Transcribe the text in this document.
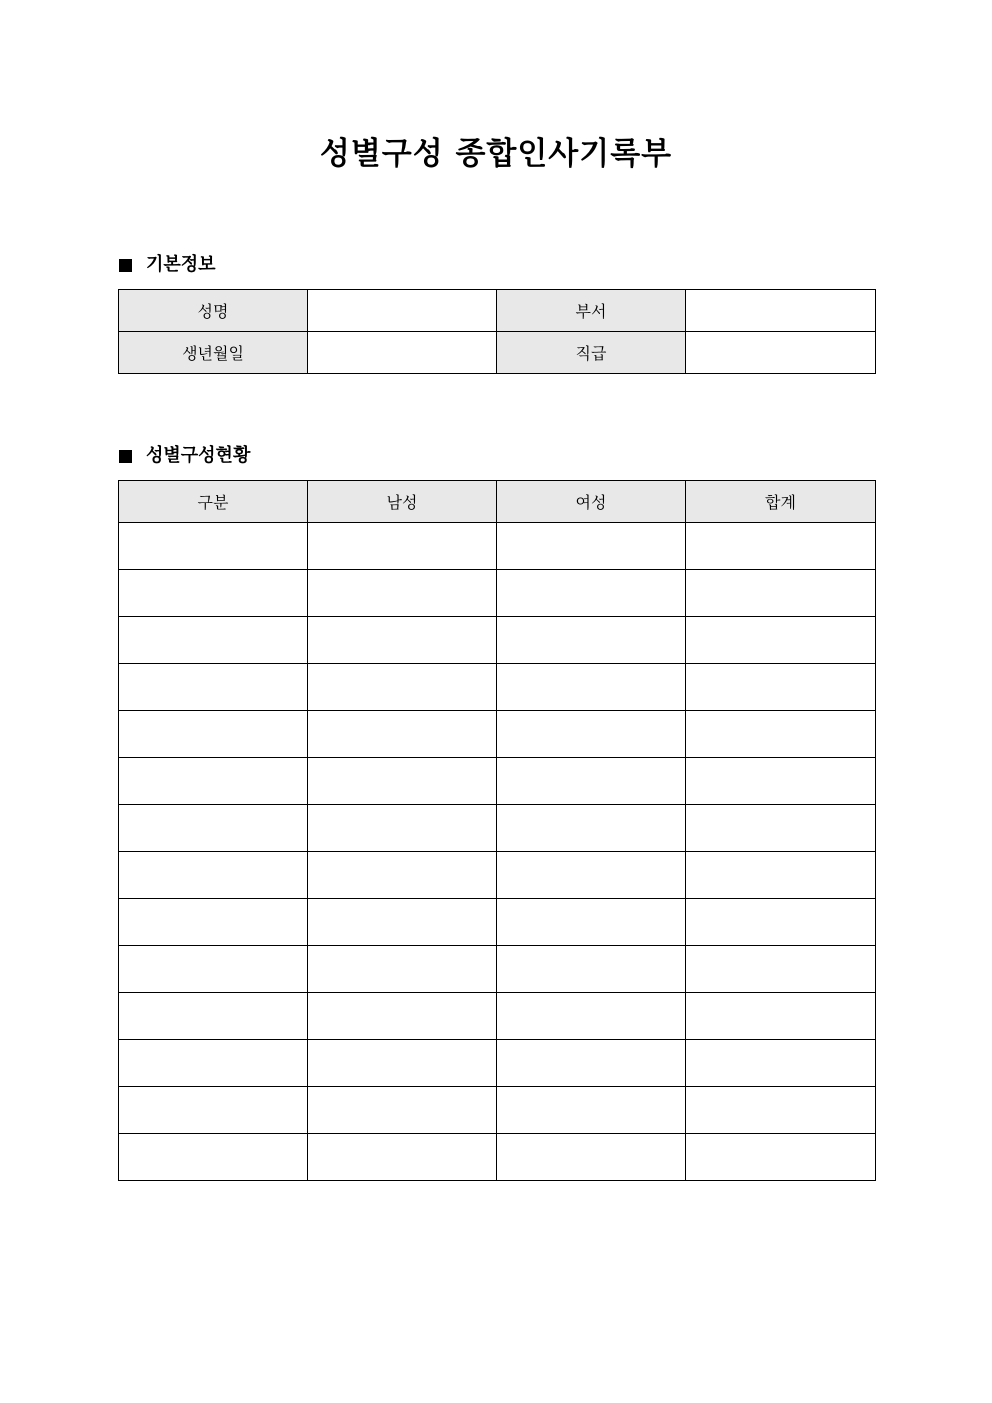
성별구성 종합인사기록부
기본정보
성명		부서	
생년월일		직급	
성별구성현황
구분	남성	여성	합계
